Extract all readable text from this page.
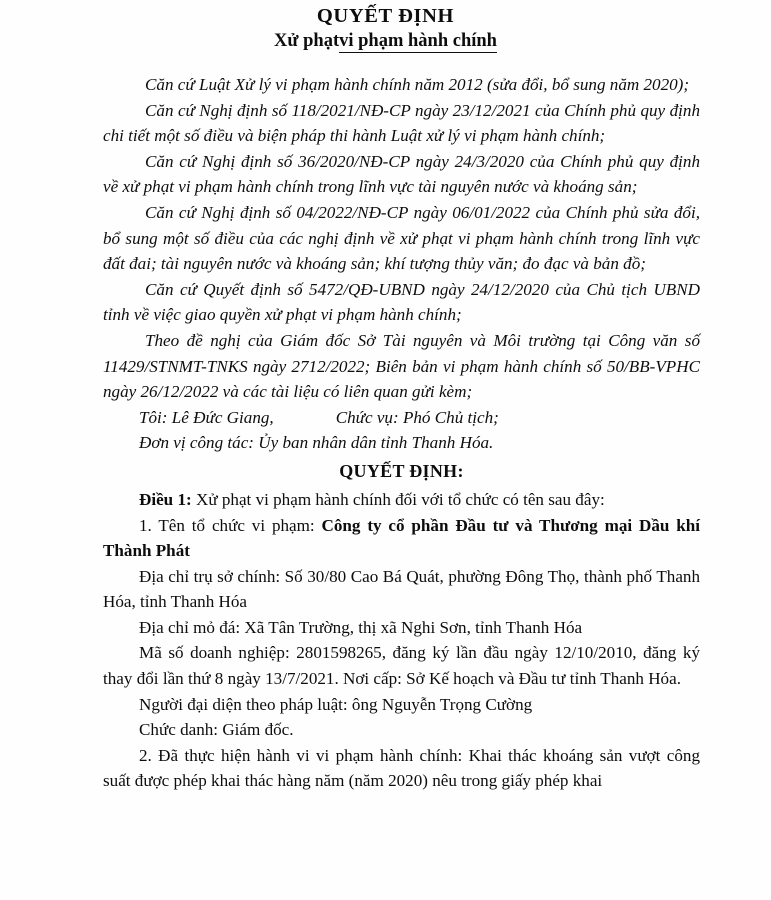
QUYẾT ĐỊNH
Xử phạtvi phạm hành chính

Căn cứ Luật Xử lý vi phạm hành chính năm 2012 (sửa đổi, bổ sung năm 2020);

Căn cứ Nghị định số 118/2021/NĐ-CP ngày 23/12/2021 của Chính phủ quy định chi tiết một số điều và biện pháp thi hành Luật xử lý vi phạm hành chính;

Căn cứ Nghị định số 36/2020/NĐ-CP ngày 24/3/2020 của Chính phủ quy định về xử phạt vi phạm hành chính trong lĩnh vực tài nguyên nước và khoáng sản;

Căn cứ Nghị định số 04/2022/NĐ-CP ngày 06/01/2022 của Chính phủ sửa đổi, bổ sung một số điều của các nghị định về xử phạt vi phạm hành chính trong lĩnh vực đất đai; tài nguyên nước và khoáng sản; khí tượng thủy văn; đo đạc và bản đồ;

Căn cứ Quyết định số 5472/QĐ-UBND ngày 24/12/2020 của Chủ tịch UBND tỉnh về việc giao quyền xử phạt vi phạm hành chính;

Theo đề nghị của Giám đốc Sở Tài nguyên và Môi trường tại Công văn số 11429/STNMT-TNKS ngày 2712/2022; Biên bản vi phạm hành chính số 50/BB-VPHC ngày 26/12/2022 và các tài liệu có liên quan gửi kèm;

Tôi: Lê Đức Giang,	Chức vụ: Phó Chủ tịch;

Đơn vị công tác: Ủy ban nhân dân tỉnh Thanh Hóa.

QUYẾT ĐỊNH:

Điều 1: Xử phạt vi phạm hành chính đối với tổ chức có tên sau đây:

1. Tên tổ chức vi phạm: Công ty cổ phần Đầu tư và Thương mại Dầu khí Thành Phát

Địa chỉ trụ sở chính: Số 30/80 Cao Bá Quát, phường Đông Thọ, thành phố Thanh Hóa, tỉnh Thanh Hóa

Địa chỉ mỏ đá: Xã Tân Trường, thị xã Nghi Sơn, tỉnh Thanh Hóa

Mã số doanh nghiệp: 2801598265, đăng ký lần đầu ngày 12/10/2010, đăng ký thay đổi lần thứ 8 ngày 13/7/2021. Nơi cấp: Sở Kế hoạch và Đầu tư tỉnh Thanh Hóa.

Người đại diện theo pháp luật: ông Nguyễn Trọng Cường

Chức danh: Giám đốc.

2. Đã thực hiện hành vi vi phạm hành chính: Khai thác khoáng sản vượt công suất được phép khai thác hàng năm (năm 2020) nêu trong giấy phép khai
